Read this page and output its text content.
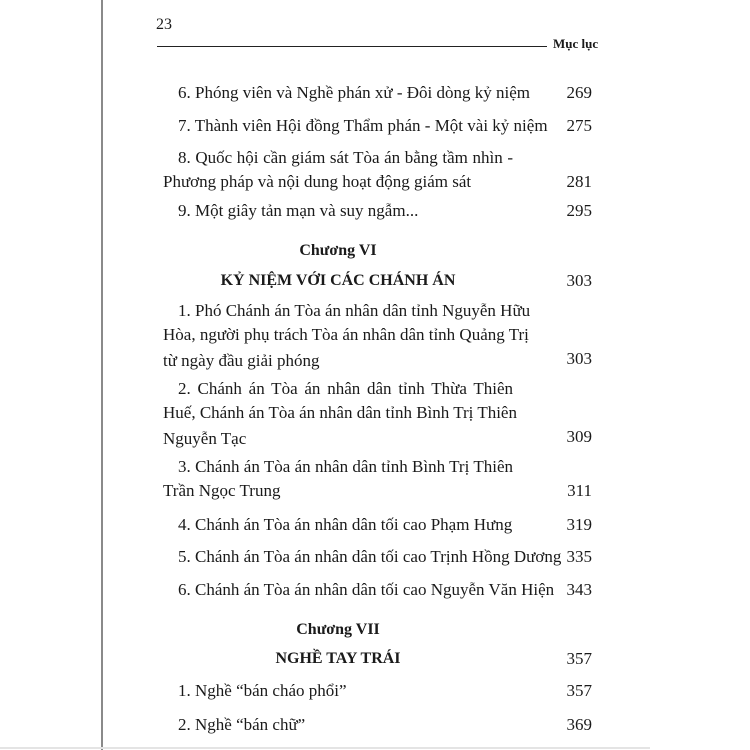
23
Mục lục
6. Phóng viên và Nghề phán xử - Đôi dòng kỷ niệm	269
7. Thành viên Hội đồng Thẩm phán - Một vài kỷ niệm	275
8. Quốc hội cần giám sát Tòa án bằng tầm nhìn -
Phương pháp và nội dung hoạt động giám sát	281
9. Một giây tản mạn và suy ngẫm...	295
Chương VI
KỶ NIỆM VỚI CÁC CHÁNH ÁN	303
1. Phó Chánh án Tòa án nhân dân tỉnh Nguyễn Hữu
Hòa, người phụ trách Tòa án nhân dân tỉnh Quảng Trị
từ ngày đầu giải phóng	303
2. Chánh án Tòa án nhân dân tỉnh Thừa Thiên
Huế, Chánh án Tòa án nhân dân tỉnh Bình Trị Thiên
Nguyễn Tạc	309
3. Chánh án Tòa án nhân dân tỉnh Bình Trị Thiên
Trần Ngọc Trung	311
4. Chánh án Tòa án nhân dân tối cao Phạm Hưng	319
5. Chánh án Tòa án nhân dân tối cao Trịnh Hồng Dương 335
6. Chánh án Tòa án nhân dân tối cao Nguyễn Văn Hiện 343
Chương VII
NGHỀ TAY TRÁI	357
1. Nghề “bán cháo phổi”	357
2. Nghề “bán chữ”	369
